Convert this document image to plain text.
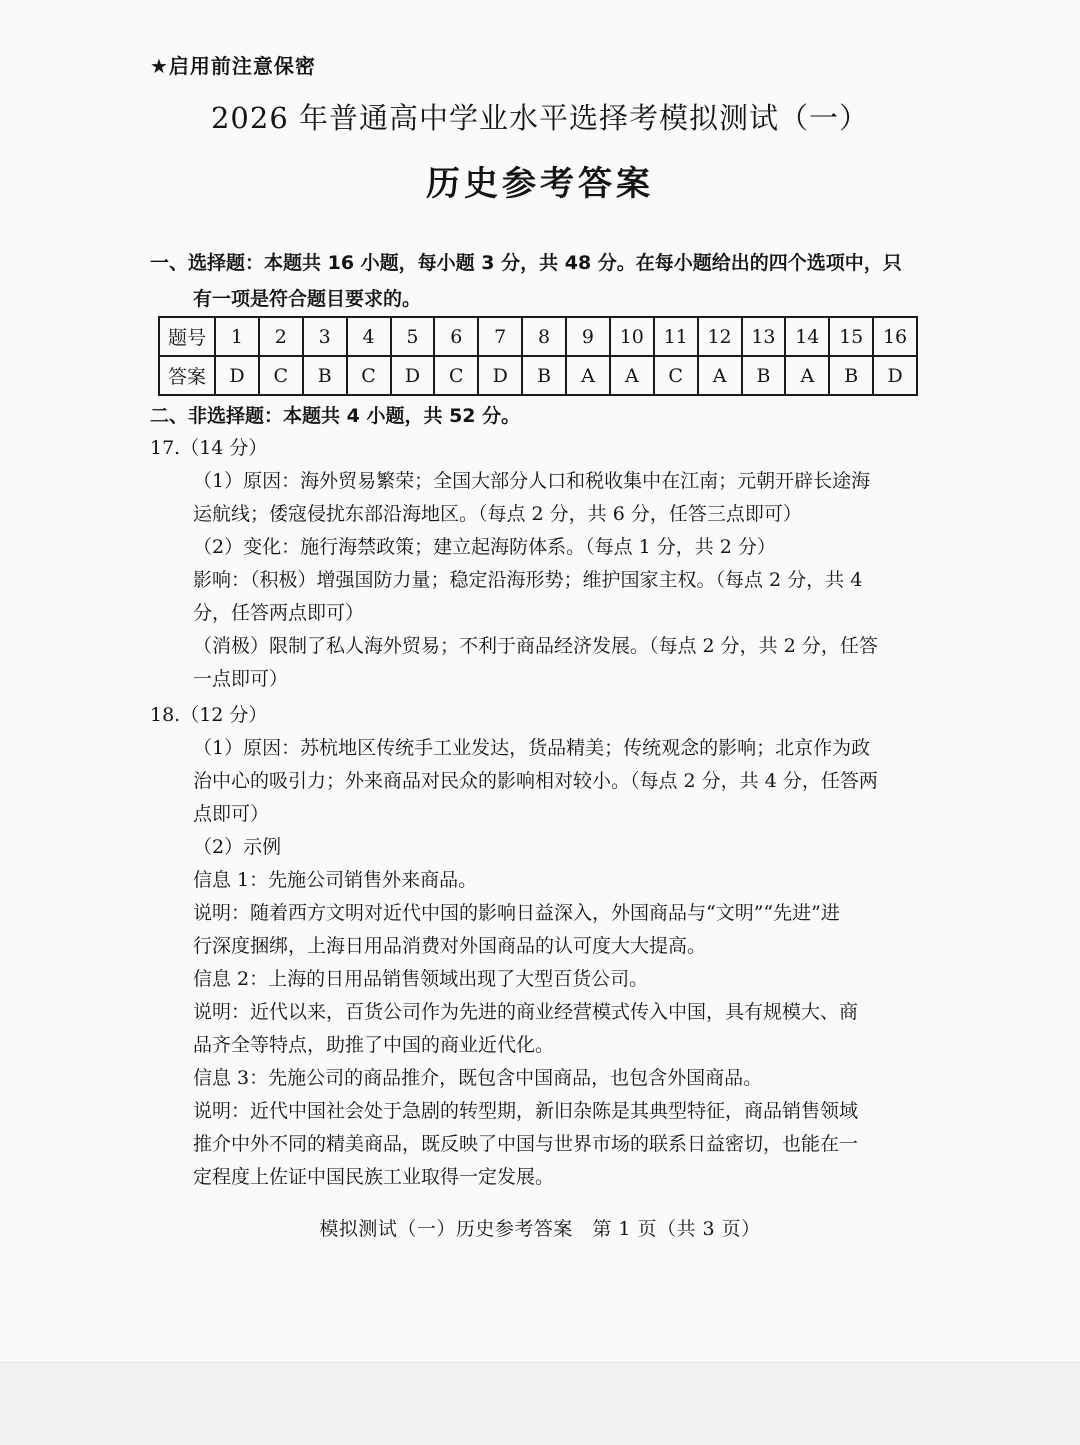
★启用前注意保密
2026 年普通高中学业水平选择考模拟测试（一）
历史参考答案
一、选择题：本题共 16 小题，每小题 3 分，共 48 分。在每小题给出的四个选项中，只
有一项是符合题目要求的。
题号	1	2	3	4	5	6	7	8	9	10	11	12	13	14	15	16
答案	D	C	B	C	D	C	D	B	A	A	C	A	B	A	B	D
二、非选择题：本题共 4 小题，共 52 分。
17.（14 分）
（1）原因：海外贸易繁荣；全国大部分人口和税收集中在江南；元朝开辟长途海
运航线；倭寇侵扰东部沿海地区。（每点 2 分，共 6 分，任答三点即可）
（2）变化：施行海禁政策；建立起海防体系。（每点 1 分，共 2 分）
影响：（积极）增强国防力量；稳定沿海形势；维护国家主权。（每点 2 分，共 4
分，任答两点即可）
（消极）限制了私人海外贸易；不利于商品经济发展。（每点 2 分，共 2 分，任答
一点即可）
18.（12 分）
（1）原因：苏杭地区传统手工业发达，货品精美；传统观念的影响；北京作为政
治中心的吸引力；外来商品对民众的影响相对较小。（每点 2 分，共 4 分，任答两
点即可）
（2）示例
信息 1：先施公司销售外来商品。
说明：随着西方文明对近代中国的影响日益深入，外国商品与“文明”“先进”进
行深度捆绑，上海日用品消费对外国商品的认可度大大提高。
信息 2：上海的日用品销售领域出现了大型百货公司。
说明：近代以来，百货公司作为先进的商业经营模式传入中国，具有规模大、商
品齐全等特点，助推了中国的商业近代化。
信息 3：先施公司的商品推介，既包含中国商品，也包含外国商品。
说明：近代中国社会处于急剧的转型期，新旧杂陈是其典型特征，商品销售领域
推介中外不同的精美商品，既反映了中国与世界市场的联系日益密切，也能在一
定程度上佐证中国民族工业取得一定发展。
模拟测试（一）历史参考答案　第 1 页（共 3 页）
